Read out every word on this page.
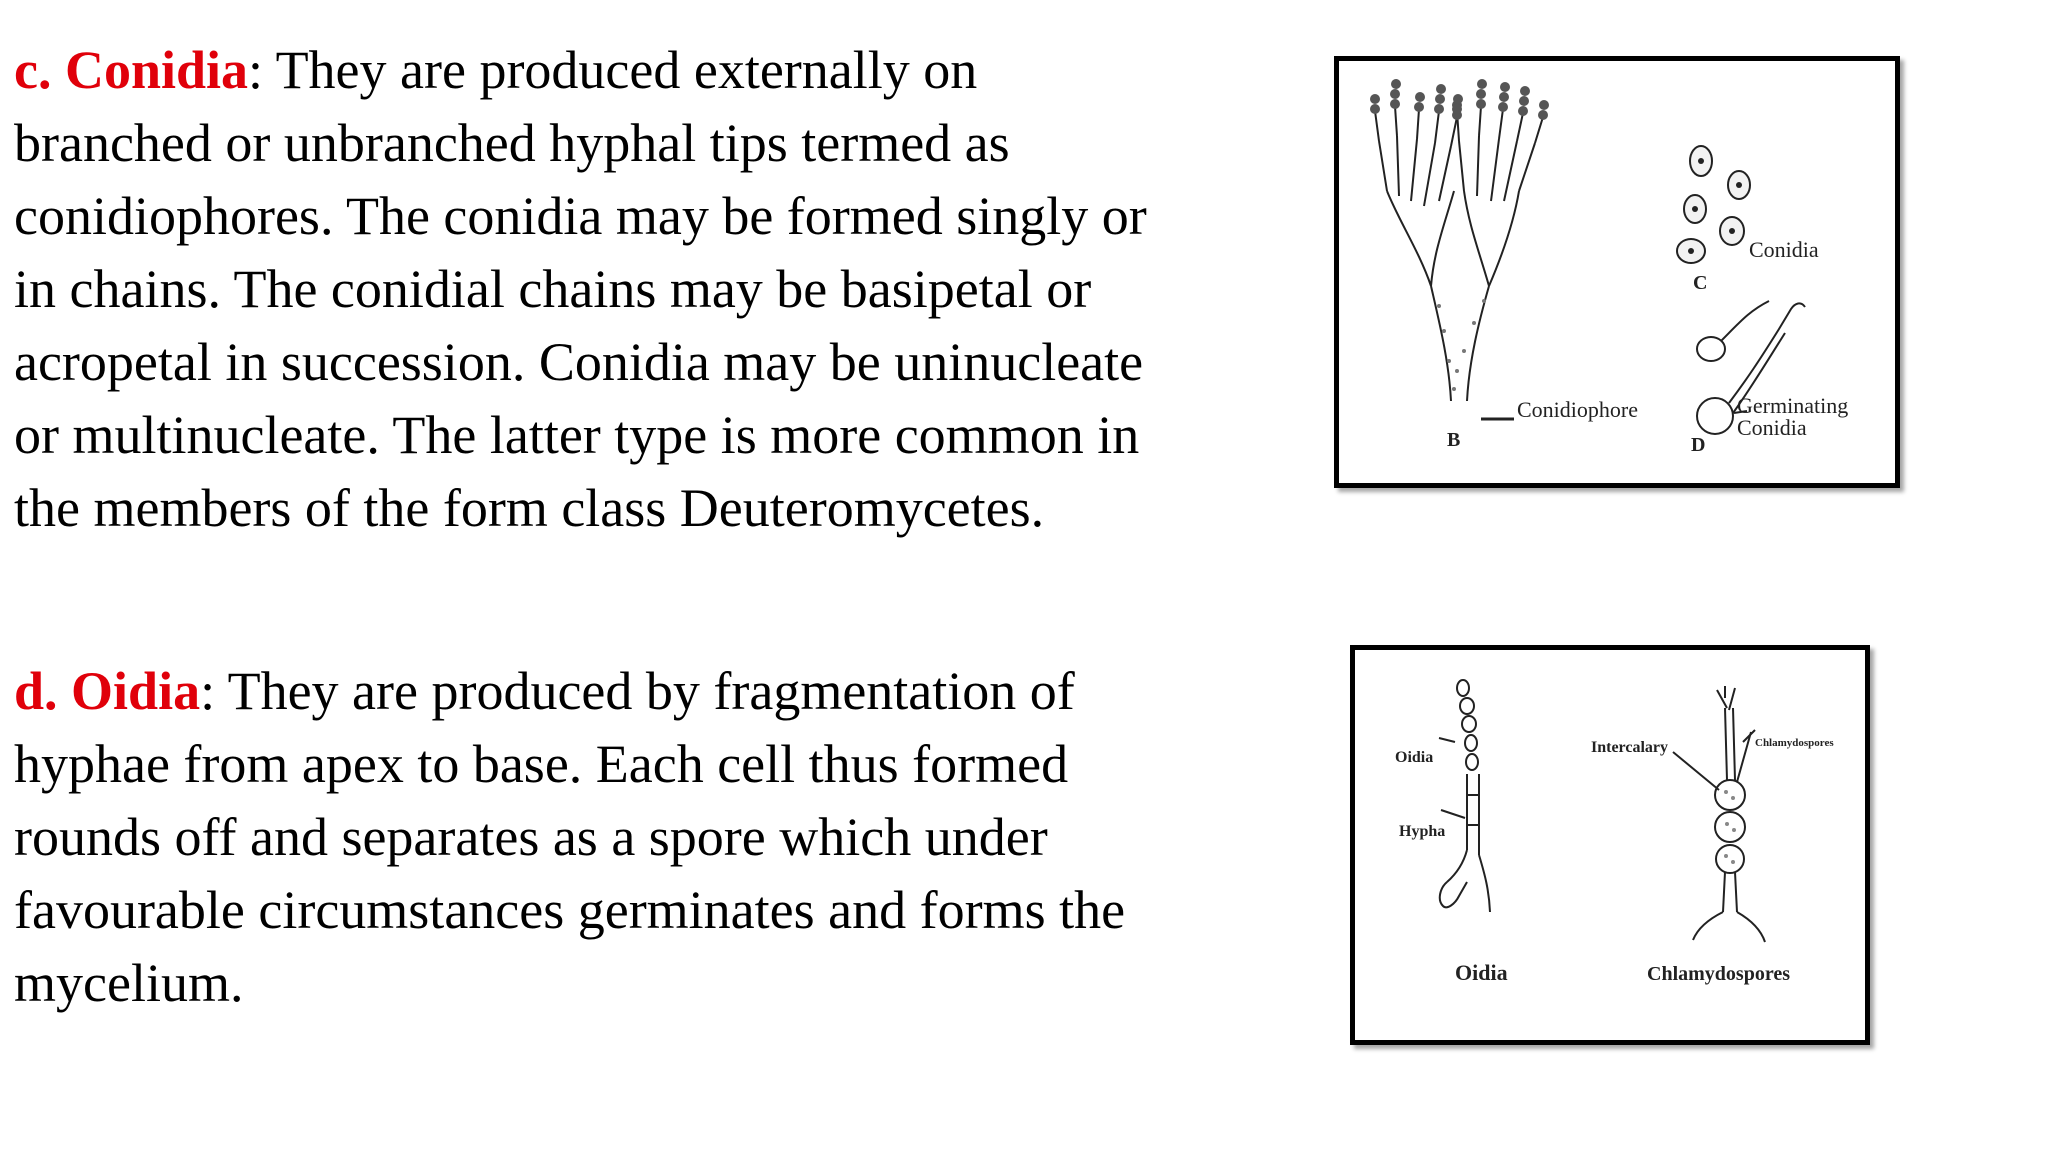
c. Conidia: They are produced externally on
branched or unbranched hyphal tips termed as
conidiophores. The conidia may be formed singly or
in chains. The conidial chains may be basipetal or
acropetal in succession. Conidia may be uninucleate
or multinucleate. The latter type is more common in
the members of the form class Deuteromycetes.

d. Oidia: They are produced by fragmentation of
hyphae from apex to base. Each cell thus formed
rounds off and separates as a spore which under
favourable circumstances germinates and forms the
mycelium.

Conidia
C
Conidiophore
B
Germinating
Conidia
D
Oidia
Hypha
Oidia
Intercalary	Chlamydospores
Chlamydospores
